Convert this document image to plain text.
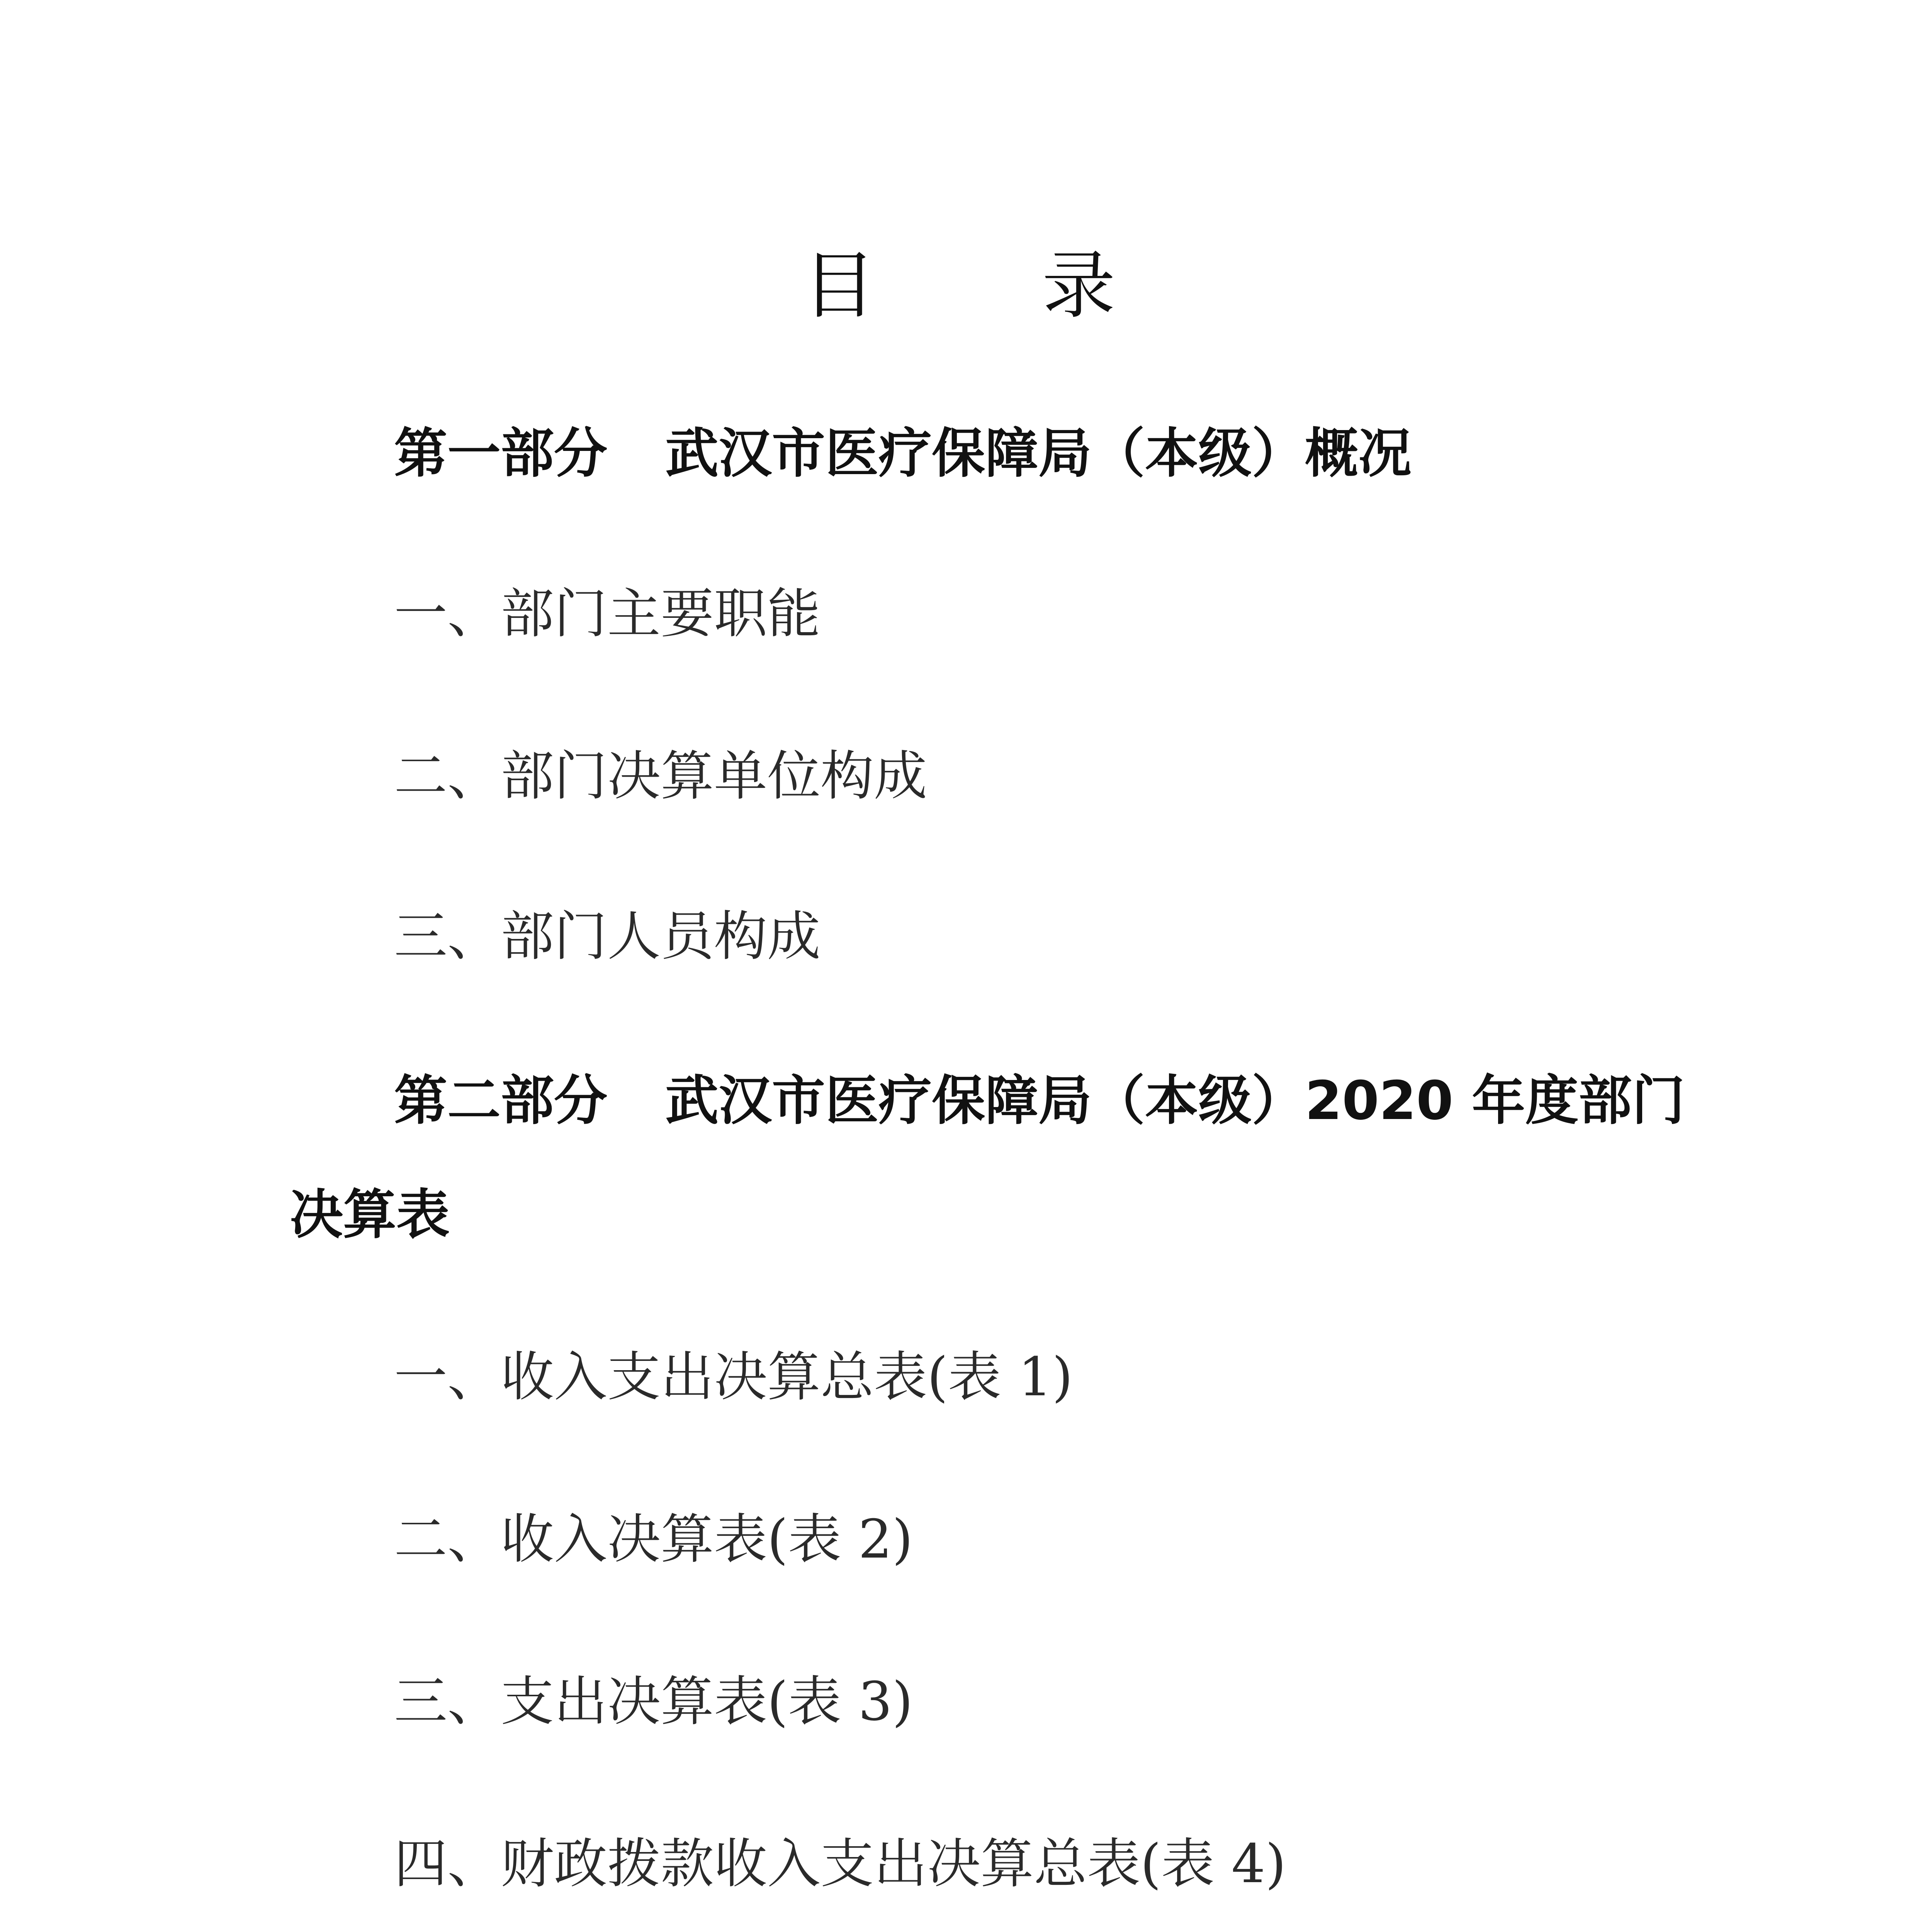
目 录
第一部分 武汉市医疗保障局（本级）概况
一、部门主要职能
二、部门决算单位构成
三、部门人员构成
第二部分 武汉市医疗保障局（本级）2020 年度部门
决算表
一、收入支出决算总表(表 1)
二、收入决算表(表 2)
三、支出决算表(表 3)
四、财政拨款收入支出决算总表(表 4)
